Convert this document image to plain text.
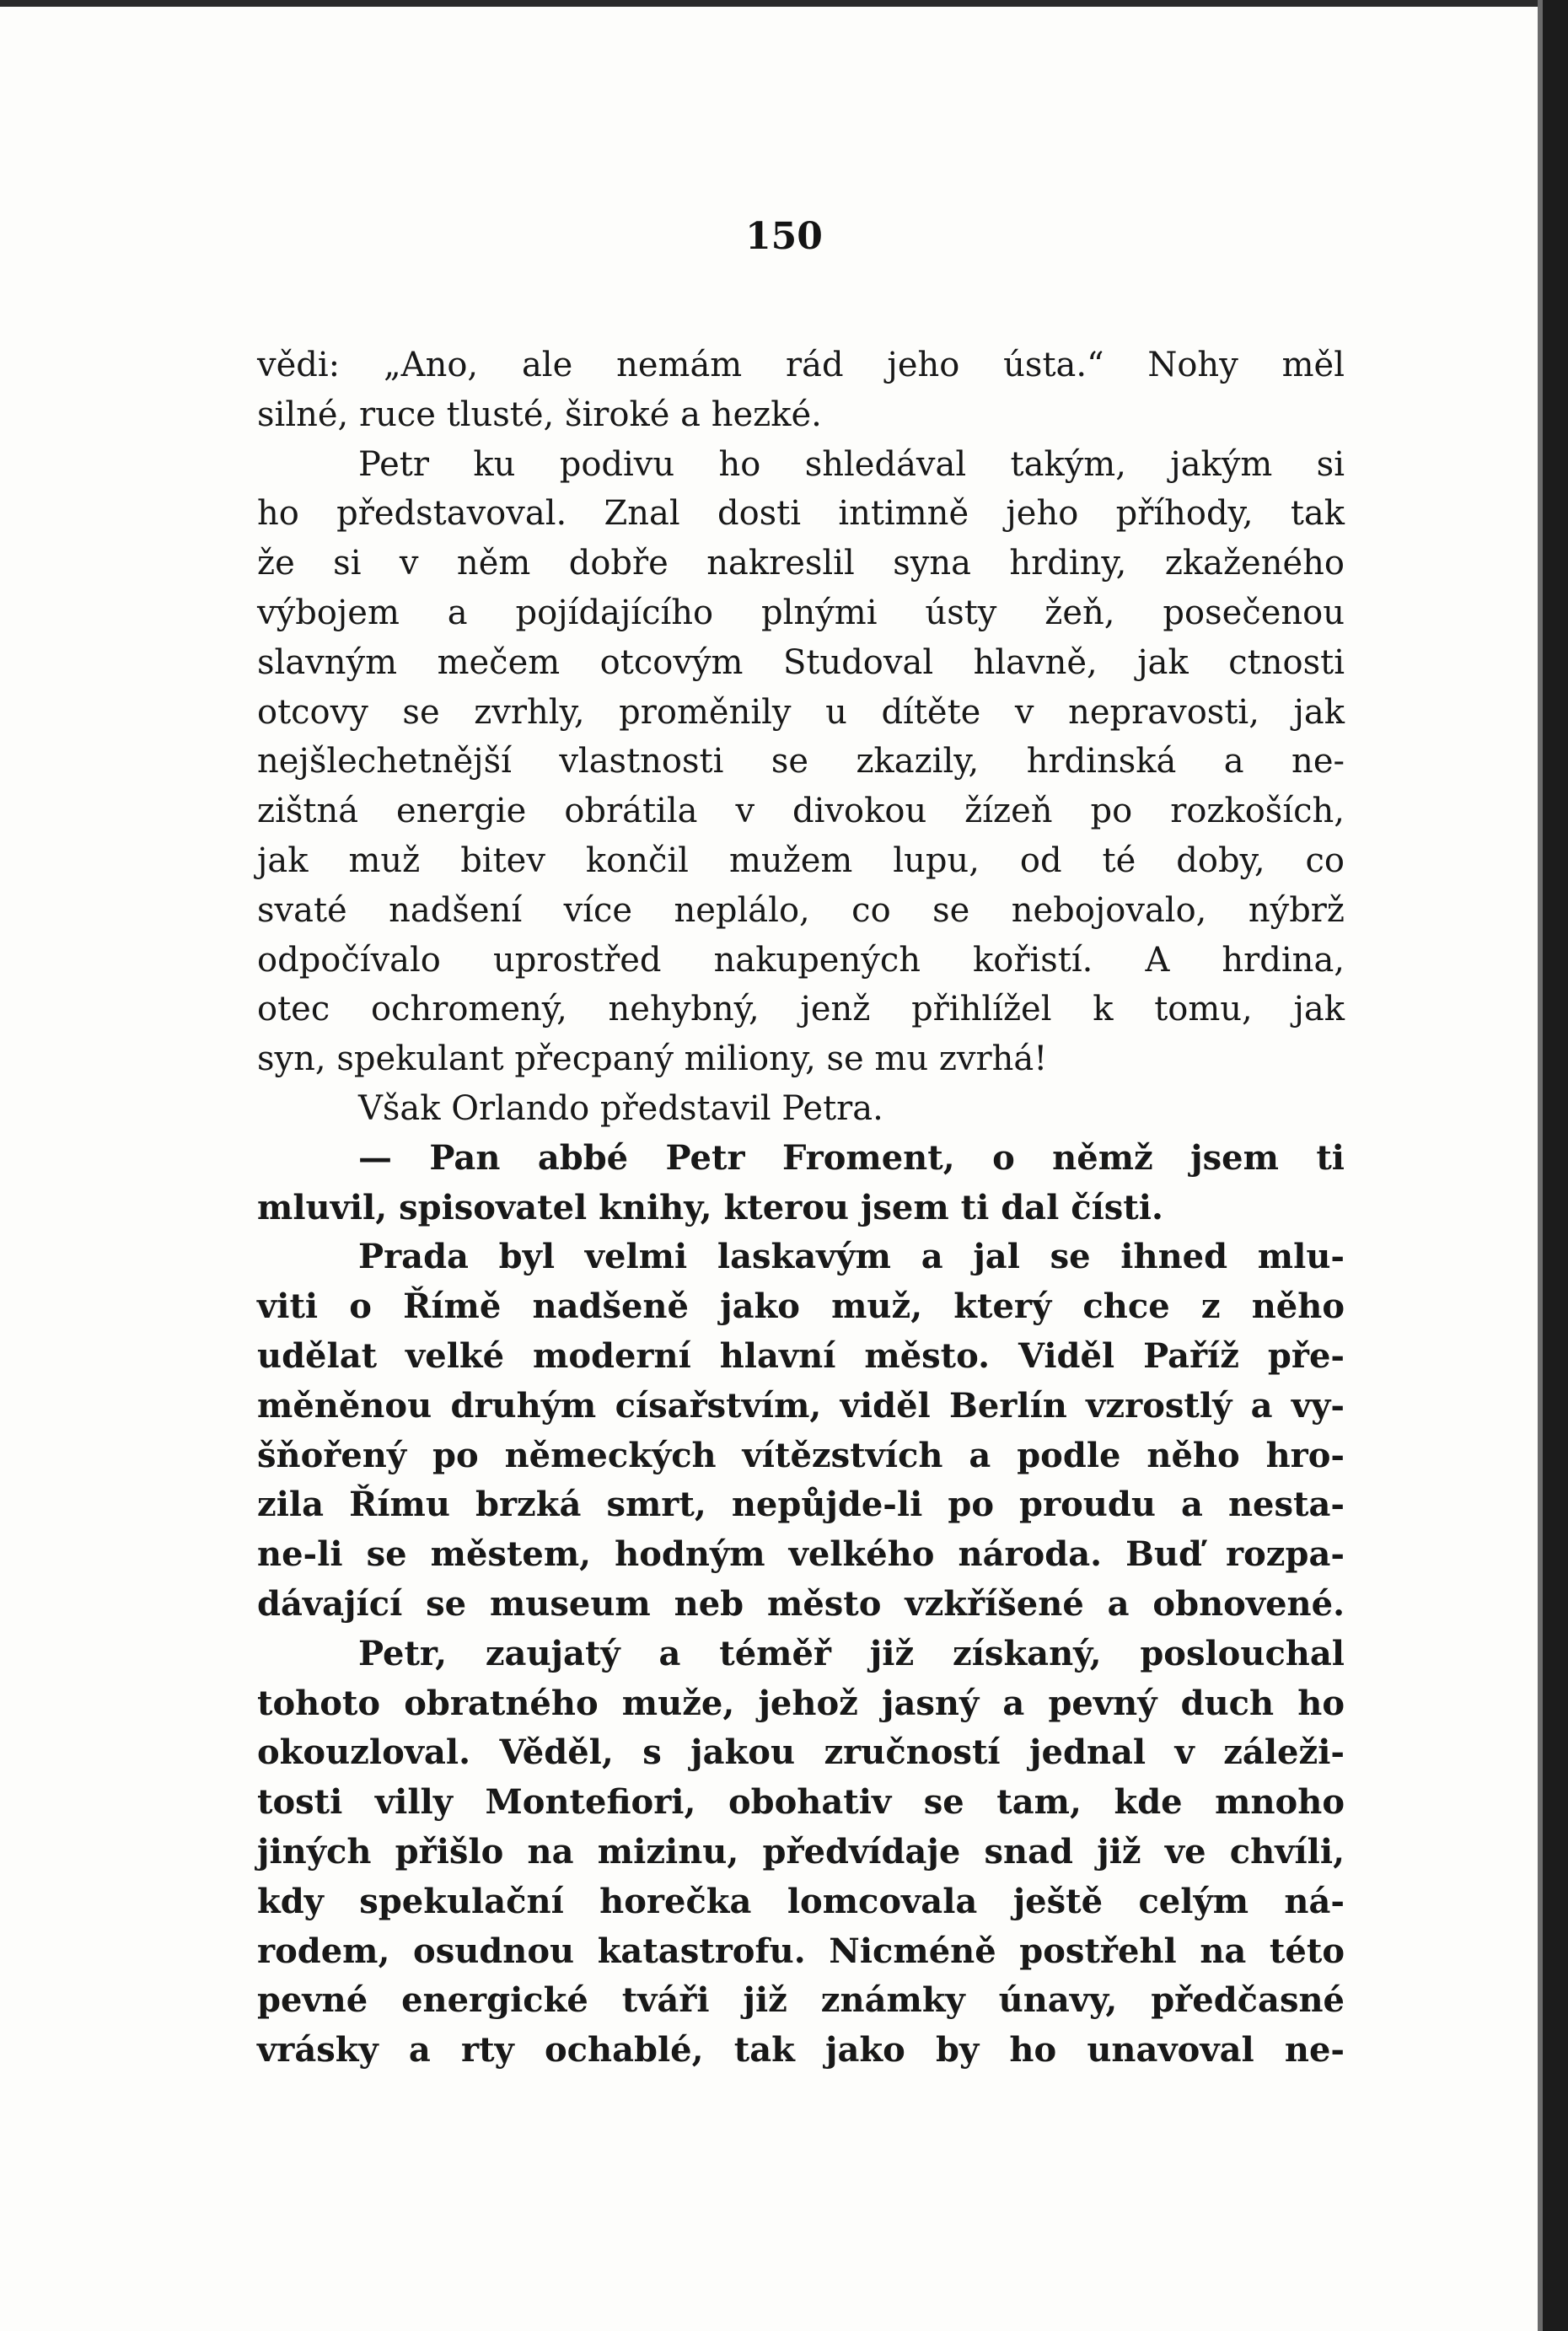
150
vědi: „Ano, ale nemám rád jeho ústa.“ Nohy měl
silné, ruce tlusté, široké a hezké.
Petr ku podivu ho shledával takým, jakým si
ho představoval. Znal dosti intimně jeho příhody, tak
že si v něm dobře nakreslil syna hrdiny, zkaženého
výbojem a pojídajícího plnými ústy žeň, posečenou
slavným mečem otcovým Studoval hlavně, jak ctnosti
otcovy se zvrhly, proměnily u dítěte v nepravosti, jak
nejšlechetnější vlastnosti se zkazily, hrdinská a ne-
zištná energie obrátila v divokou žízeň po rozkoších,
jak muž bitev končil mužem lupu, od té doby, co
svaté nadšení více neplálo, co se nebojovalo, nýbrž
odpočívalo uprostřed nakupených kořistí. A hrdina,
otec ochromený, nehybný, jenž přihlížel k tomu, jak
syn, spekulant přecpaný miliony, se mu zvrhá!
Však Orlando představil Petra.
— Pan abbé Petr Froment, o němž jsem ti
mluvil, spisovatel knihy, kterou jsem ti dal čísti.
Prada byl velmi laskavým a jal se ihned mlu-
viti o Římě nadšeně jako muž, který chce z něho
udělat velké moderní hlavní město. Viděl Paříž pře-
měněnou druhým císařstvím, viděl Berlín vzrostlý a vy-
šňořený po německých vítězstvích a podle něho hro-
zila Římu brzká smrt, nepůjde-li po proudu a nesta-
ne-li se městem, hodným velkého národa. Buď rozpa-
dávající se museum neb město vzkříšené a obnovené.
Petr, zaujatý a téměř již získaný, poslouchal
tohoto obratného muže, jehož jasný a pevný duch ho
okouzloval. Věděl, s jakou zručností jednal v záleži-
tosti villy Montefiori, obohativ se tam, kde mnoho
jiných přišlo na mizinu, předvídaje snad již ve chvíli,
kdy spekulační horečka lomcovala ještě celým ná-
rodem, osudnou katastrofu. Nicméně postřehl na této
pevné energické tváři již známky únavy, předčasné
vrásky a rty ochablé, tak jako by ho unavoval ne-
